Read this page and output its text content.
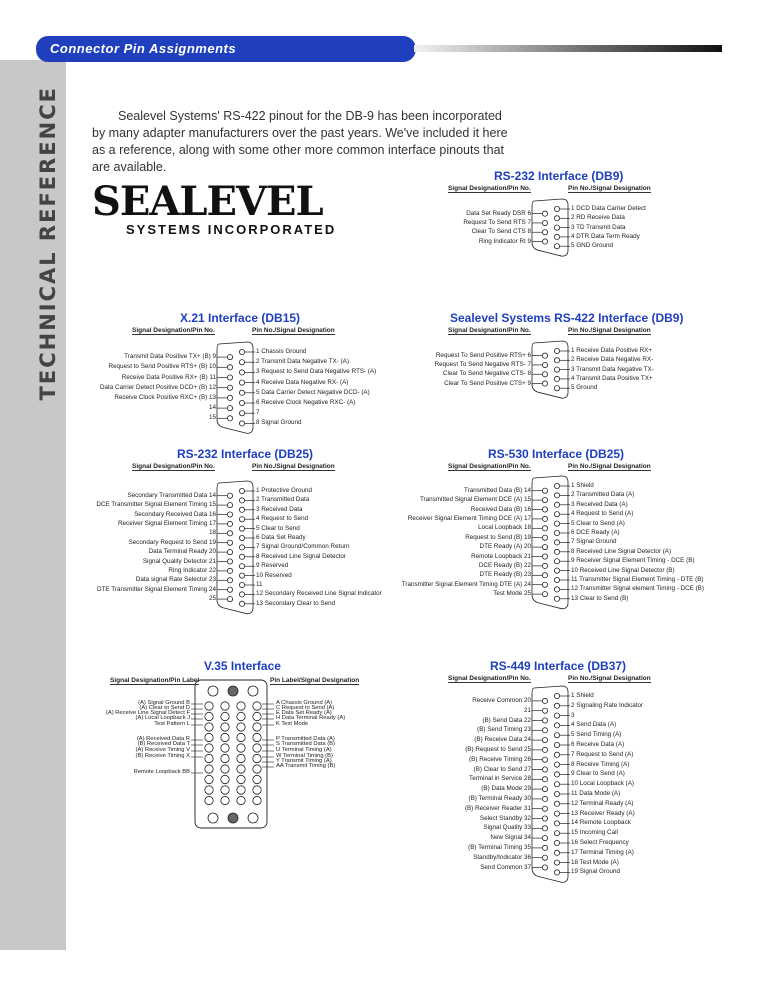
TECHNICAL REFERENCE
Connector Pin Assignments

Sealevel Systems' RS-422 pinout for the DB-9 has been incorporated by many adapter manufacturers over the past years. We've included it here as a reference, along with some other more common interface pinouts that are available.

SEALEVEL
SYSTEMS INCORPORATED
RS-232 Interface (DB9)
Signal Designation/Pin No.	Pin No./Signal Designation
1 DCD Data Carrier Detect
2 RD Receive Data
3 TD Transmit Data
4 DTR Data Term Ready
5 GND Ground
Data Set Ready DSR 6
Request To Send RTS 7
Clear To Send CTS 8
Ring Indicator RI 9
X.21 Interface (DB15)
Signal Designation/Pin No.	Pin No./Signal Designation
1 Chassis Ground
2 Transmit Data Negative TX- (A)
3 Request to Send Data Negative RTS- (A)
4 Receive Data Negative RX- (A)
5 Data Carrier Detect Negative DCD- (A)
6 Receive Clock Negative RXC- (A)
7
8 Signal Ground
Transmit Data Positive TX+ (B) 9
Request to Send Positive RTS+ (B) 10
Receive Data Positive RX+ (B) 11
Data Carrier Detect Positive DCD+ (B) 12
Receive Clock Positive RXC+ (B) 13
14
15
Sealevel Systems RS-422 Interface (DB9)
Signal Designation/Pin No.	Pin No./Signal Designation
1 Receive Data Positive RX+
2 Receive Data Negative RX-
3 Transmit Data Negative TX-
4 Transmit Data Positive TX+
5 Ground
Request To Send Positive RTS+ 6
Request To Send Negative RTS- 7
Clear To Send Negative CTS- 8
Clear To Send Positive CTS+ 9
RS-232 Interface (DB25)
Signal Designation/Pin No.	Pin No./Signal Designation
1 Protective Ground
2 Transmitted Data
3 Received Data
4 Request to Send
5 Clear to Send
6 Data Set Ready
7 Signal Ground/Common Return
8 Received Line Signal Detector
9 Reserved
10 Reserved
11
12 Secondary Received Line Signal Indicator
13 Secondary Clear to Send
Secondary Transmitted Data 14
DCE Transmitter Signal Element Timing 15
Secondary Received Data 16
Receiver Signal Element Timing 17
18
Secondary Request to Send 19
Data Terminal Ready 20
Signal Quality Detector 21
Ring Indicator 22
Data signal Rate Selector 23
DTE Transmitter Signal Element Timing 24
25
RS-530 Interface (DB25)
Signal Designation/Pin No.	Pin No./Signal Designation
1 Shield
2 Transmitted Data (A)
3 Received Data (A)
4 Request to Send (A)
5 Clear to Send (A)
6 DCE Ready (A)
7 Signal Ground
8 Received Line Signal Detector (A)
9 Receiver Signal Element Timing - DCE (B)
10 Received Line Signal Detector (B)
11 Transmitter Signal Element Timing - DTE (B)
12 Transmitter Signal element Timing - DCE (B)
13 Clear to Send (B)
Transmitted Data (B) 14
Transmitted Signal Element DCE (A) 15
Received Data (B) 16
Receiver Signal Element Timing DCE (A) 17
Local Loopback 18
Request to Send (B) 19
DTE Ready (A) 20
Remote Loopback 21
DCE Ready (B) 22
DTE Ready (B) 23
Transmitter Signal Element Timing DTE (A) 24
Test Mode 25
RS-449 Interface (DB37)
Signal Designation/Pin No.	Pin No./Signal Designation
1 Shield
2 Signaling Rate Indicator
3
4 Send Data (A)
5 Send Timing (A)
6 Receive Data (A)
7 Request to Send (A)
8 Receive Timing (A)
9 Clear to Send (A)
10 Local Loopback (A)
11 Data Mode (A)
12 Terminal Ready (A)
13 Receiver Ready (A)
14 Remote Loopback
15 Incoming Call
16 Select Frequency
17 Terminal Timing (A)
18 Test Mode (A)
19 Signal Ground
Receive Common 20
21
(B) Send Data 22
(B) Send Timing 23
(B) Receive Data 24
(B) Request to Send 25
(B) Receive Timing 26
(B) Clear to Send 27
Terminal in Service 28
(B) Data Mode 29
(B) Terminal Ready 30
(B) Receiver Reader 31
Select Standby 32
Signal Quality 33
New Signal 34
(B) Terminal Timing 35
Standby/Indicator 36
Send Common 37
V.35 Interface
Signal Designation/Pin Label	Pin Label/Signal Designation
(A) Signal Ground B
(A) Clear to Send D
(A) Receive Line Signal Detect F
(A) Local Loopback J
Test Pattern L
(A) Received Data R
(B) Received Data T
(A) Receive Timing V
(B) Receive Timing X
Remote Loopback BB
A Chassis Ground (A)
C Request to Send (A)
E Data Set Ready (A)
H Data Terminal Ready (A)
K Test Mode
P Transmitted Data (A)
S Transmitted Data (B)
U Terminal Timing (A)
W Terminal Timing (B)
Y Transmit Timing (A)
AA Transmit Timing (B)
